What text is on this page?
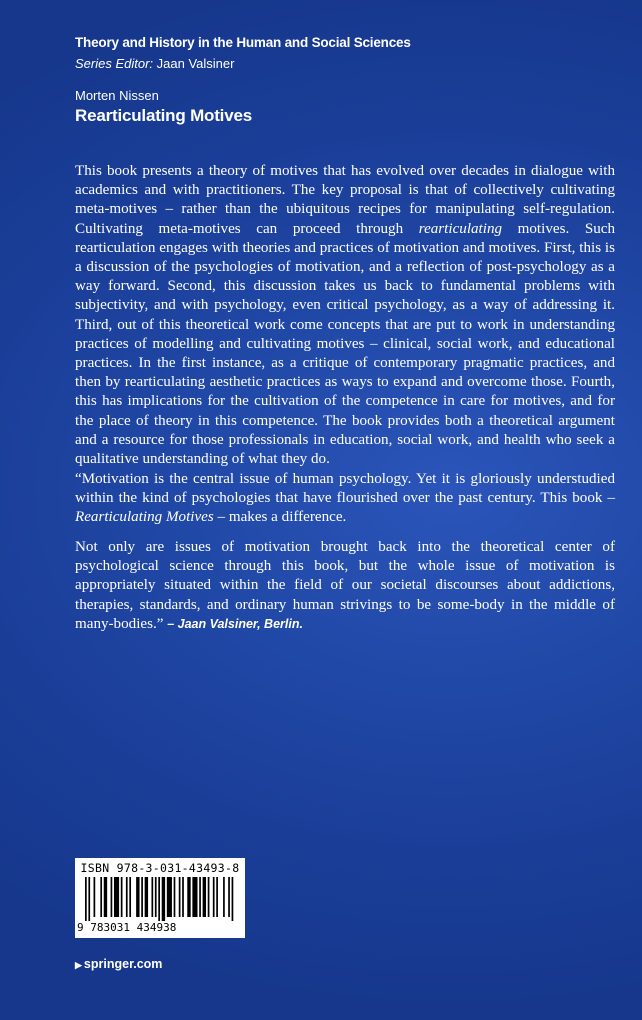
Theory and History in the Human and Social Sciences
Series Editor: Jaan Valsiner
Morten Nissen
Rearticulating Motives

This book presents a theory of motives that has evolved over decades in dialogue with academics and with practitioners. The key proposal is that of collectively cultivating meta-motives – rather than the ubiquitous recipes for manipulating self-regulation. Cultivating meta-motives can proceed through rearticulating motives. Such rearticulation engages with theories and practices of motivation and motives. First, this is a discussion of the psychologies of motivation, and a reflection of post-psychology as a way forward. Second, this discussion takes us back to fundamental problems with subjectivity, and with psychology, even critical psychology, as a way of addressing it. Third, out of this theoretical work come concepts that are put to work in understanding practices of modelling and cultivating motives – clinical, social work, and educational practices. In the first instance, as a critique of contemporary pragmatic practices, and then by rearticulating aesthetic practices as ways to expand and overcome those. Fourth, this has implications for the cultivation of the competence in care for motives, and for the place of theory in this competence. The book provides both a theoretical argument and a resource for those professionals in education, social work, and health who seek a qualitative understanding of what they do.

“Motivation is the central issue of human psychology. Yet it is gloriously understudied within the kind of psychologies that have flourished over the past century. This book – Rearticulating Motives – makes a difference.

Not only are issues of motivation brought back into the theoretical center of psychological science through this book, but the whole issue of motivation is appropriately situated within the field of our societal discourses about addictions, therapies, standards, and ordinary human strivings to be some-body in the middle of many-bodies.” – Jaan Valsiner, Berlin.

ISBN 978-3-031-43493-8
9 783031 434938
▶ springer.com
